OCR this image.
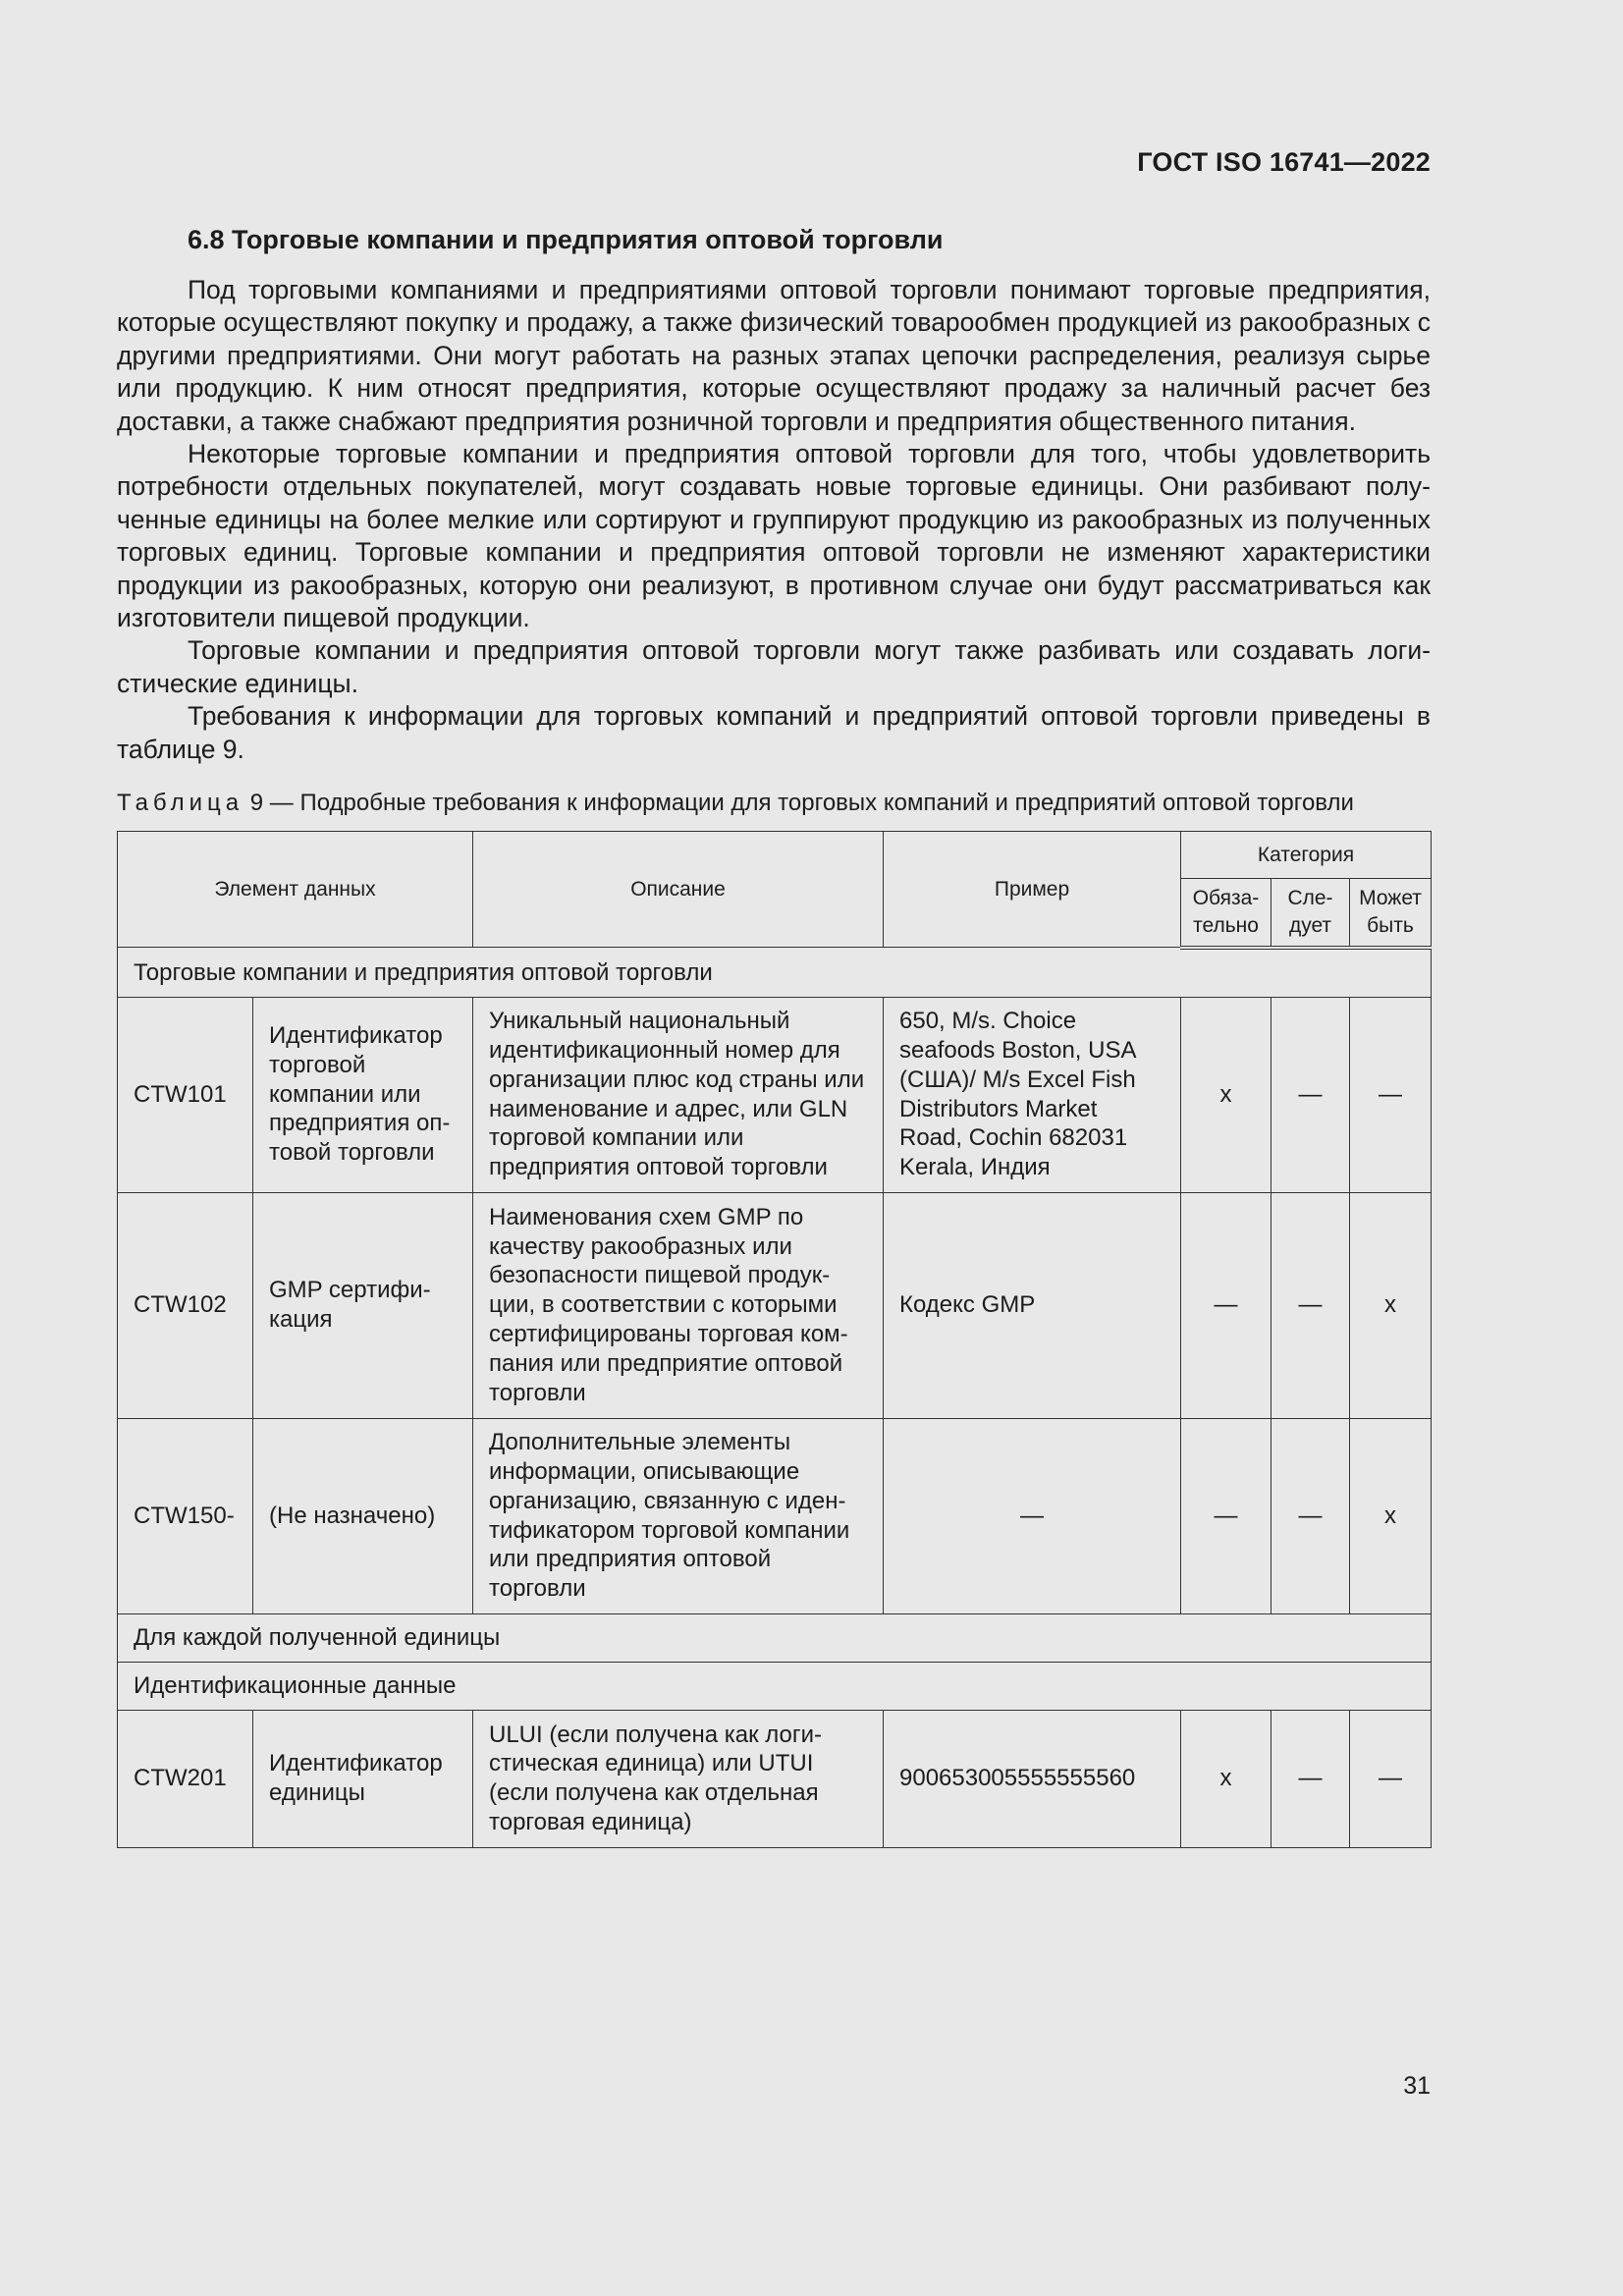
ГОСТ ISO 16741—2022
6.8 Торговые компании и предприятия оптовой торговли

Под торговыми компаниями и предприятиями оптовой торговли понимают торговые предприятия, которые осуществляют покупку и продажу, а также физический товарообмен продукцией из ракообразных с другими предприятиями. Они могут работать на разных этапах цепочки распределения, реализуя сырье или продукцию. К ним относят предприятия, которые осуществляют продажу за наличный расчет без доставки, а также снабжают предприятия розничной торговли и предприятия общественного питания.

Некоторые торговые компании и предприятия оптовой торговли для того, чтобы удовлетворить потребности отдельных покупателей, могут создавать новые торговые единицы. Они разбивают полученные единицы на более мелкие или сортируют и группируют продукцию из ракообразных из полученных торговых единиц. Торговые компании и предприятия оптовой торговли не изменяют характеристики продукции из ракообразных, которую они реализуют, в противном случае они будут рассматриваться как изготовители пищевой продукции.

Торговые компании и предприятия оптовой торговли могут также разбивать или создавать логистические единицы.

Требования к информации для торговых компаний и предприятий оптовой торговли приведены в таблице 9.

Таблица 9 — Подробные требования к информации для торговых компаний и предприятий оптовой торговли
Элемент данных		Описание	Пример	Категория		
				Обязательно	Следует	Может быть
Торговые компании и предприятия оптовой торговли						
CTW101	Идентификатор торговой компании или предприятия оптовой торговли	Уникальный национальный идентификационный номер для организации плюс код страны или наименование и адрес, или GLN торговой компании или предприятия оптовой торговли	650, M/s. Choice seafoods Boston, USA (США)/ M/s Excel Fish Distributors Market Road, Cochin 682031 Kerala, Индия	x	—	—
CTW102	GMP сертификация	Наименования схем GMP по качеству ракообразных или безопасности пищевой продукции, в соответствии с которыми сертифицированы торговая компания или предприятие оптовой торговли	Кодекс GMP	—	—	x
CTW150-	(Не назначено)	Дополнительные элементы информации, описывающие организацию, связанную с идентификатором торговой компании или предприятия оптовой торговли	—	—	—	x
Для каждой полученной единицы						
Идентификационные данные						
CTW201	Идентификатор единицы	ULUI (если получена как логистическая единица) или UTUI (если получена как отдельная торговая единица)	900653005555555560	x	—	—
31
